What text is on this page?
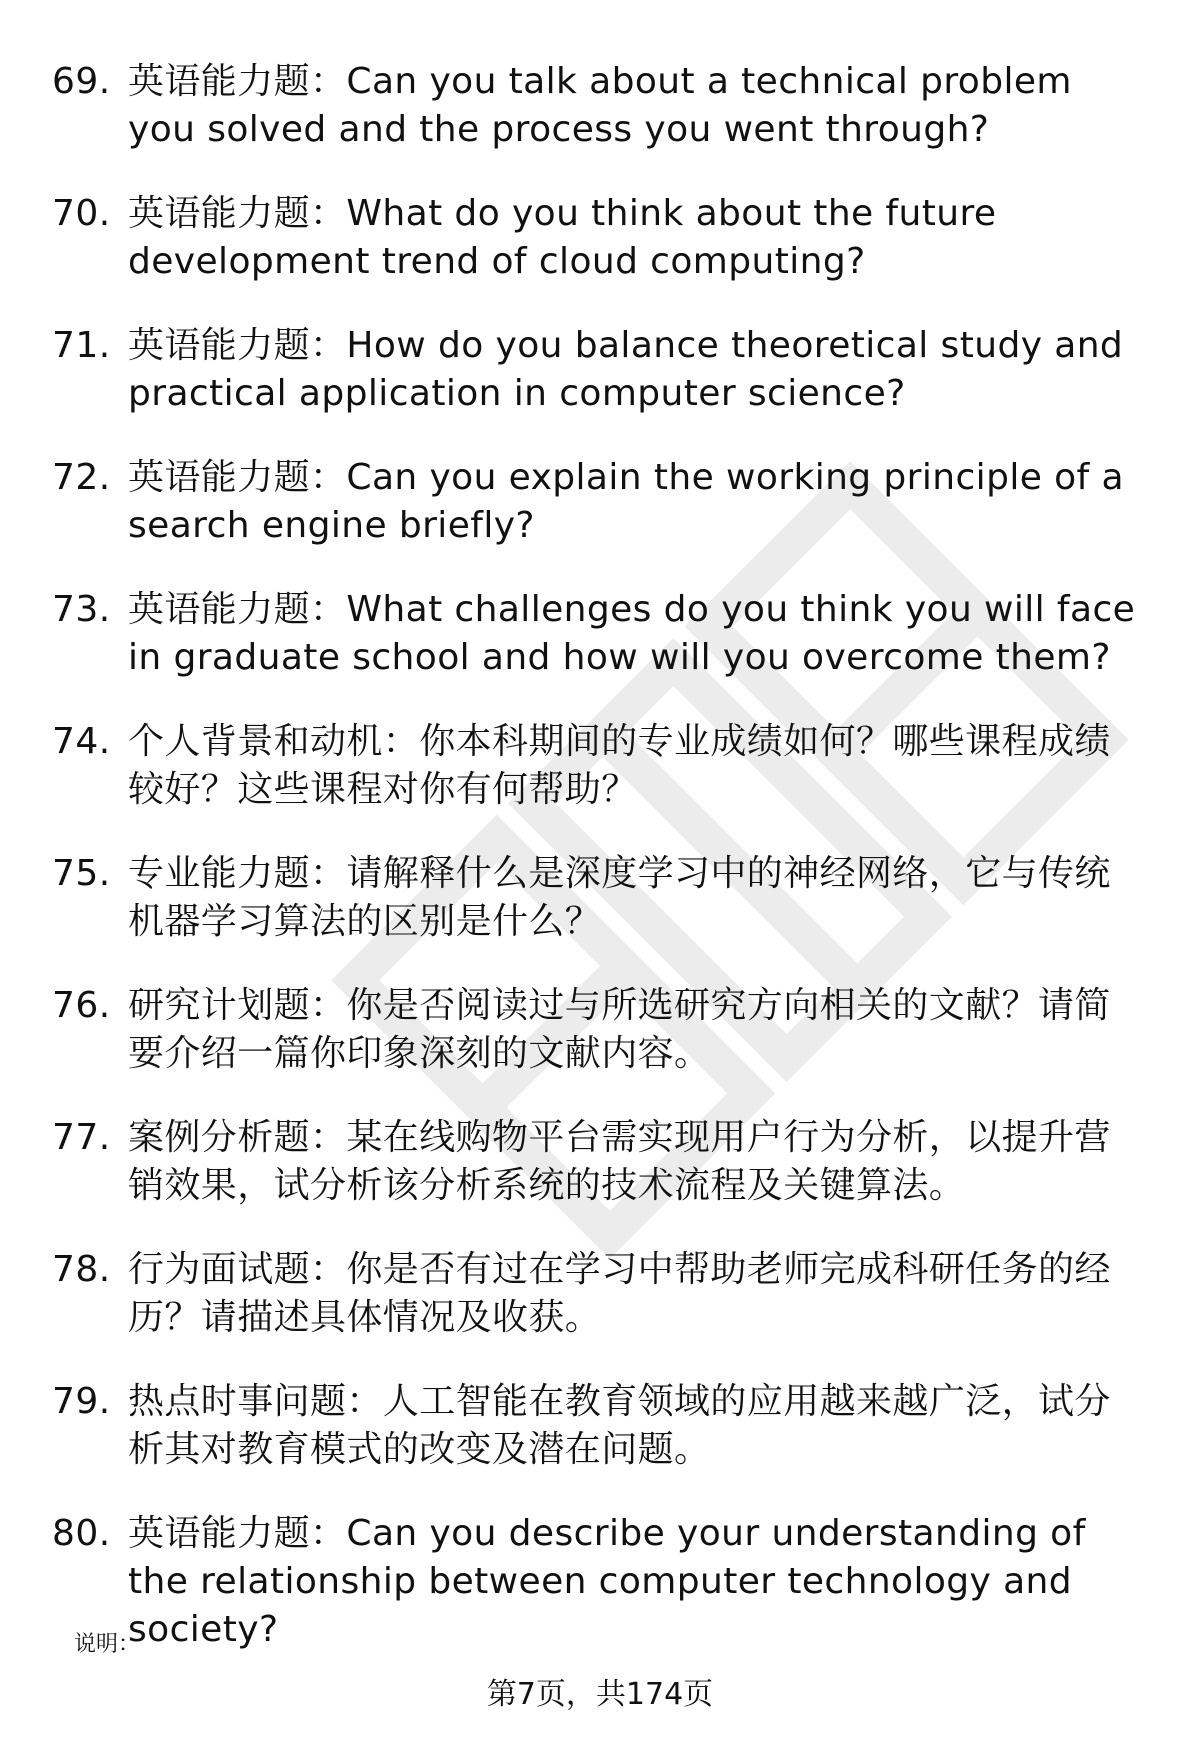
69. 英语能力题：Can you talk about a technical problem you solved and the process you went through?
70. 英语能力题：What do you think about the future development trend of cloud computing?
71. 英语能力题：How do you balance theoretical study and practical application in computer science?
72. 英语能力题：Can you explain the working principle of a search engine briefly?
73. 英语能力题：What challenges do you think you will face in graduate school and how will you overcome them?
74. 个人背景和动机：你本科期间的专业成绩如何？哪些课程成绩较好？这些课程对你有何帮助？
75. 专业能力题：请解释什么是深度学习中的神经网络，它与传统机器学习算法的区别是什么？
76. 研究计划题：你是否阅读过与所选研究方向相关的文献？请简要介绍一篇你印象深刻的文献内容。
77. 案例分析题：某在线购物平台需实现用户行为分析，以提升营销效果，试分析该分析系统的技术流程及关键算法。
78. 行为面试题：你是否有过在学习中帮助老师完成科研任务的经历？请描述具体情况及收获。
79. 热点时事问题：人工智能在教育领域的应用越来越广泛，试分析其对教育模式的改变及潜在问题。
80. 英语能力题：Can you describe your understanding of the relationship between computer technology and society?
说明：
第7页，共174页
